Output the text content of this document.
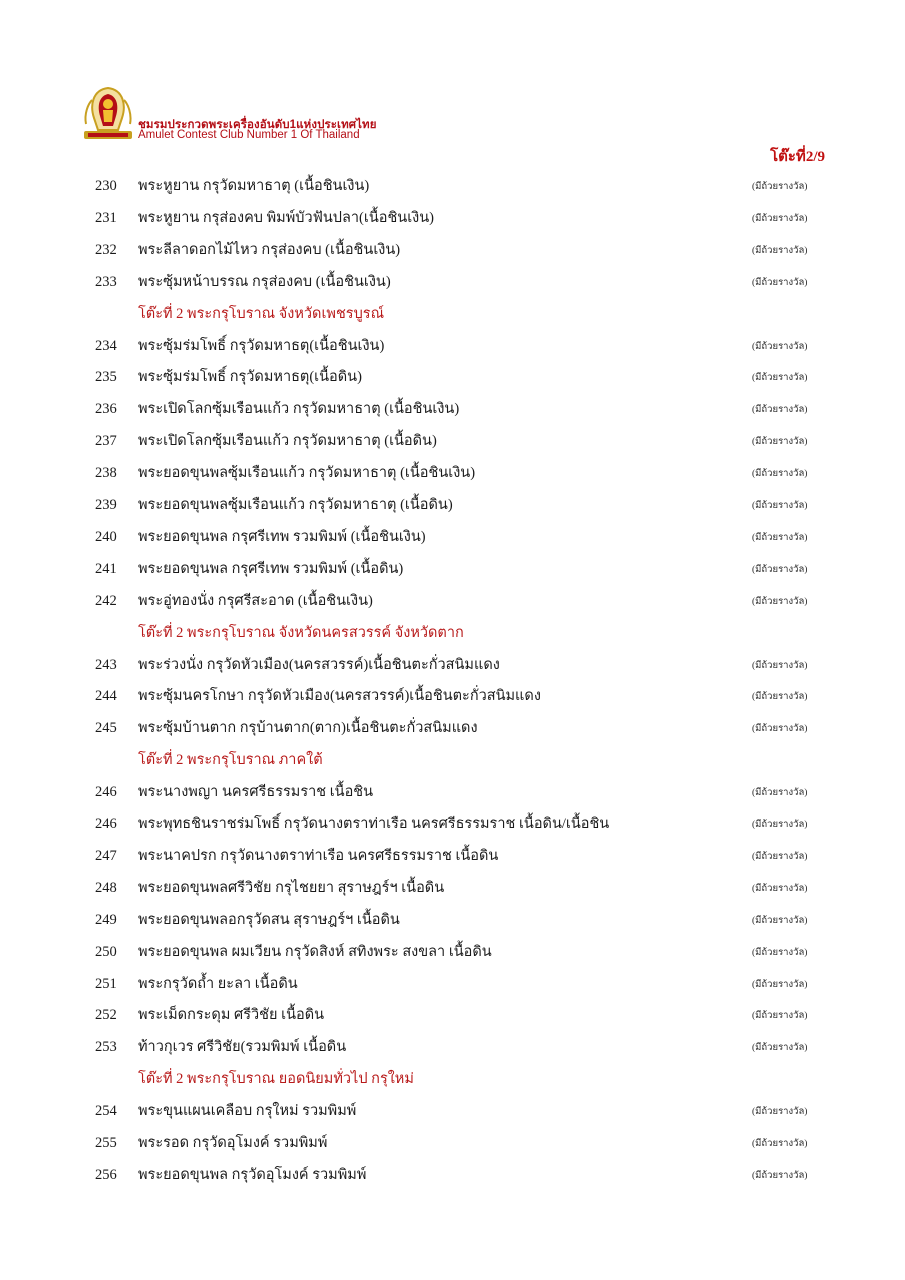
ชมรมประกวดพระเครื่องอันดับ1แห่งประเทศไทย
Amulet Contest Club Number 1 Of Thailand
โต๊ะที่2/9
230 พระหูยาน กรุวัดมหาธาตุ (เนื้อชินเงิน)	(มีถ้วยรางวัล)
231 พระหูยาน กรุส่องคบ พิมพ์บัวฟันปลา(เนื้อชินเงิน)	(มีถ้วยรางวัล)
232 พระลีลาดอกไม้ไหว กรุส่องคบ (เนื้อชินเงิน)	(มีถ้วยรางวัล)
233 พระซุ้มหน้าบรรณ กรุส่องคบ (เนื้อชินเงิน)	(มีถ้วยรางวัล)
โต๊ะที่ 2 พระกรุโบราณ จังหวัดเพชรบูรณ์
234 พระซุ้มร่มโพธิ์ กรุวัดมหาธตุ(เนื้อชินเงิน)	(มีถ้วยรางวัล)
235 พระซุ้มร่มโพธิ์ กรุวัดมหาธตุ(เนื้อดิน)	(มีถ้วยรางวัล)
236 พระเปิดโลกซุ้มเรือนแก้ว กรุวัดมหาธาตุ (เนื้อชินเงิน)	(มีถ้วยรางวัล)
237 พระเปิดโลกซุ้มเรือนแก้ว กรุวัดมหาธาตุ (เนื้อดิน)	(มีถ้วยรางวัล)
238 พระยอดขุนพลซุ้มเรือนแก้ว กรุวัดมหาธาตุ (เนื้อชินเงิน)	(มีถ้วยรางวัล)
239 พระยอดขุนพลซุ้มเรือนแก้ว กรุวัดมหาธาตุ (เนื้อดิน)	(มีถ้วยรางวัล)
240 พระยอดขุนพล กรุศรีเทพ รวมพิมพ์ (เนื้อชินเงิน)	(มีถ้วยรางวัล)
241 พระยอดขุนพล กรุศรีเทพ รวมพิมพ์ (เนื้อดิน)	(มีถ้วยรางวัล)
242 พระอู่ทองนั่ง กรุศรีสะอาด (เนื้อชินเงิน)	(มีถ้วยรางวัล)
โต๊ะที่ 2 พระกรุโบราณ จังหวัดนครสวรรค์ จังหวัดตาก
243 พระร่วงนั่ง กรุวัดหัวเมือง(นครสวรรค์)เนื้อชินตะกั่วสนิมแดง	(มีถ้วยรางวัล)
244 พระซุ้มนครโกษา กรุวัดหัวเมือง(นครสวรรค์)เนื้อชินตะกั่วสนิมแดง	(มีถ้วยรางวัล)
245 พระซุ้มบ้านตาก กรุบ้านตาก(ตาก)เนื้อชินตะกั่วสนิมแดง	(มีถ้วยรางวัล)
โต๊ะที่ 2 พระกรุโบราณ ภาคใต้
246 พระนางพญา นครศรีธรรมราช เนื้อชิน	(มีถ้วยรางวัล)
246 พระพุทธชินราชร่มโพธิ์ กรุวัดนางตราท่าเรือ นครศรีธรรมราช เนื้อดิน/เนื้อชิน	(มีถ้วยรางวัล)
247 พระนาคปรก กรุวัดนางตราท่าเรือ นครศรีธรรมราช เนื้อดิน	(มีถ้วยรางวัล)
248 พระยอดขุนพลศรีวิชัย กรุไชยยา สุราษฎร์ฯ เนื้อดิน	(มีถ้วยรางวัล)
249 พระยอดขุนพลอกรุวัดสน สุราษฎร์ฯ เนื้อดิน	(มีถ้วยรางวัล)
250 พระยอดขุนพล ผมเวียน กรุวัดสิงห์ สทิงพระ สงขลา เนื้อดิน	(มีถ้วยรางวัล)
251 พระกรุวัดถ้ำ ยะลา เนื้อดิน	(มีถ้วยรางวัล)
252 พระเม็ดกระดุม ศรีวิชัย เนื้อดิน	(มีถ้วยรางวัล)
253 ท้าวกุเวร ศรีวิชัย(รวมพิมพ์ เนื้อดิน	(มีถ้วยรางวัล)
โต๊ะที่ 2 พระกรุโบราณ ยอดนิยมทั่วไป กรุใหม่
254 พระขุนแผนเคลือบ กรุใหม่ รวมพิมพ์	(มีถ้วยรางวัล)
255 พระรอด กรุวัดอุโมงค์ รวมพิมพ์	(มีถ้วยรางวัล)
256 พระยอดขุนพล กรุวัดอุโมงค์ รวมพิมพ์	(มีถ้วยรางวัล)
